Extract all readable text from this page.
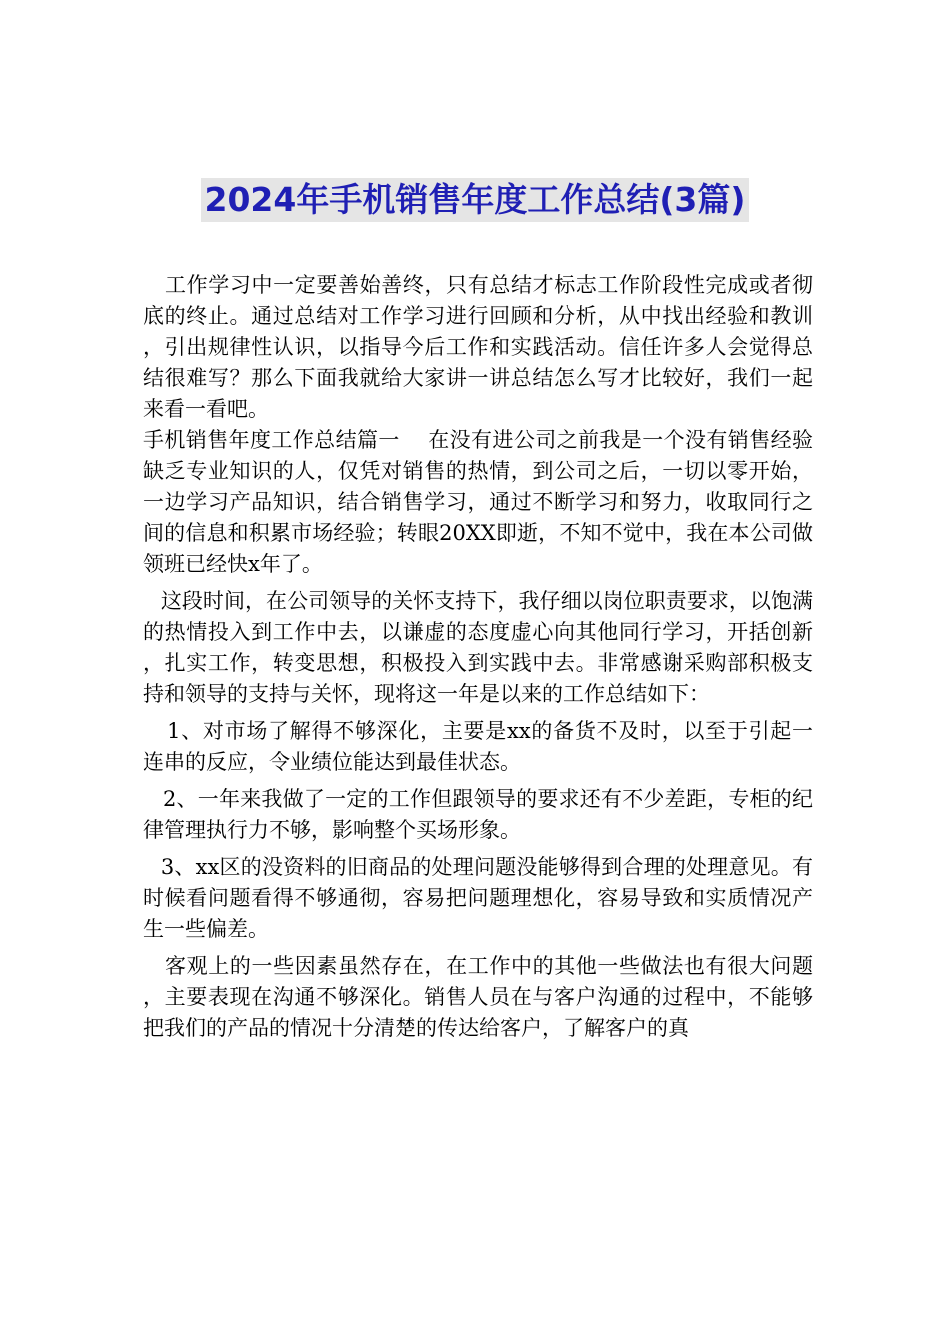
2024年手机销售年度工作总结(3篇)

工作学习中一定要善始善终，只有总结才标志工作阶段性完成或者彻底的终止。通过总结对工作学习进行回顾和分析，从中找出经验和教训，引出规律性认识，以指导今后工作和实践活动。信任许多人会觉得总结很难写？那么下面我就给大家讲一讲总结怎么写才比较好，我们一起来看一看吧。

手机销售年度工作总结篇一　 在没有进公司之前我是一个没有销售经验缺乏专业知识的人，仅凭对销售的热情，到公司之后，一切以零开始，一边学习产品知识，结合销售学习，通过不断学习和努力，收取同行之间的信息和积累市场经验；转眼20XX即逝，不知不觉中，我在本公司做领班已经快x年了。

这段时间，在公司领导的关怀支持下，我仔细以岗位职责要求，以饱满的热情投入到工作中去，以谦虚的态度虚心向其他同行学习，开括创新，扎实工作，转变思想，积极投入到实践中去。非常感谢采购部积极支持和领导的支持与关怀，现将这一年是以来的工作总结如下：

1、对市场了解得不够深化，主要是xx的备货不及时，以至于引起一连串的反应，令业绩位能达到最佳状态。

2、一年来我做了一定的工作但跟领导的要求还有不少差距，专柜的纪律管理执行力不够，影响整个买场形象。

3、xx区的没资料的旧商品的处理问题没能够得到合理的处理意见。有时候看问题看得不够通彻，容易把问题理想化，容易导致和实质情况产生一些偏差。

客观上的一些因素虽然存在，在工作中的其他一些做法也有很大问题，主要表现在沟通不够深化。销售人员在与客户沟通的过程中，不能够把我们的产品的情况十分清楚的传达给客户，了解客户的真
